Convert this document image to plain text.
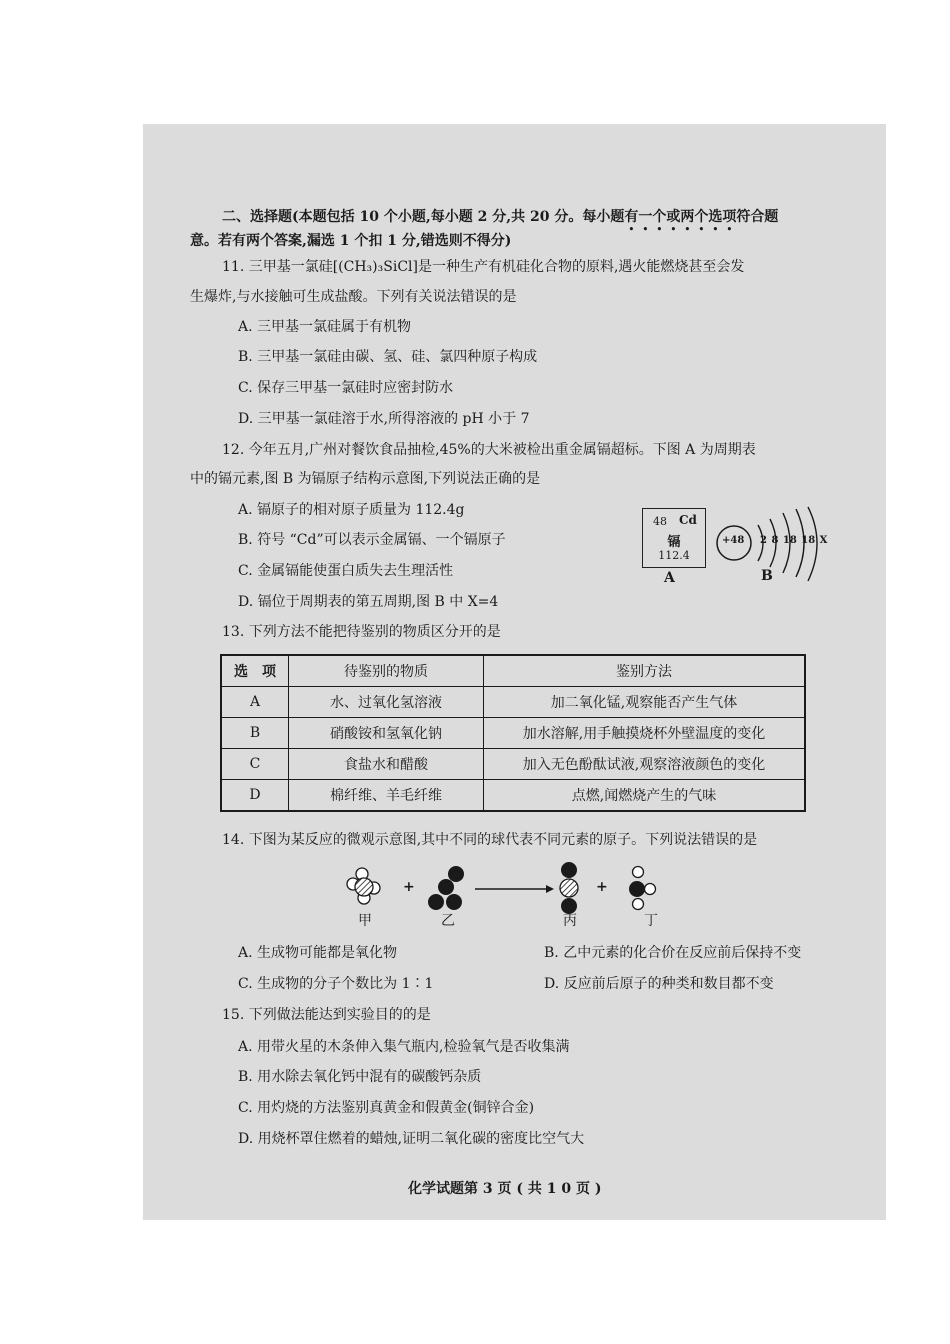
二、选择题(本题包括 10 个小题,每小题 2 分,共 20 分。每小题有一个或两个选项符合题
意。若有两个答案,漏选 1 个扣 1 分,错选则不得分)
11. 三甲基一氯硅[(CH₃)₃SiCl]是一种生产有机硅化合物的原料,遇火能燃烧甚至会发
生爆炸,与水接触可生成盐酸。下列有关说法错误的是
A. 三甲基一氯硅属于有机物
B. 三甲基一氯硅由碳、氢、硅、氯四种原子构成
C. 保存三甲基一氯硅时应密封防水
D. 三甲基一氯硅溶于水,所得溶液的 pH 小于 7
12. 今年五月,广州对餐饮食品抽检,45%的大米被检出重金属镉超标。下图 A 为周期表
中的镉元素,图 B 为镉原子结构示意图,下列说法正确的是
A. 镉原子的相对原子质量为 112.4g
B. 符号 “Cd”可以表示金属镉、一个镉原子
C. 金属镉能使蛋白质失去生理活性
D. 镉位于周期表的第五周期,图 B 中 X=4
48 Cd
镉
112.4
A
+48 2 8 18 18 X
B
13. 下列方法不能把待鉴别的物质区分开的是
选　项	待鉴别的物质	鉴别方法
A	水、过氧化氢溶液	加二氧化锰,观察能否产生气体
B	硝酸铵和氢氧化钠	加水溶解,用手触摸烧杯外壁温度的变化
C	食盐水和醋酸	加入无色酚酞试液,观察溶液颜色的变化
D	棉纤维、羊毛纤维	点燃,闻燃烧产生的气味
14. 下图为某反应的微观示意图,其中不同的球代表不同元素的原子。下列说法错误的是
+	+
甲	乙	丙	丁
A. 生成物可能都是氧化物	B. 乙中元素的化合价在反应前后保持不变
C. 生成物的分子个数比为 1∶1	D. 反应前后原子的种类和数目都不变
15. 下列做法能达到实验目的的是
A. 用带火星的木条伸入集气瓶内,检验氧气是否收集满
B. 用水除去氧化钙中混有的碳酸钙杂质
C. 用灼烧的方法鉴别真黄金和假黄金(铜锌合金)
D. 用烧杯罩住燃着的蜡烛,证明二氧化碳的密度比空气大
化学试题第 3 页 ( 共 1 0 页 )
